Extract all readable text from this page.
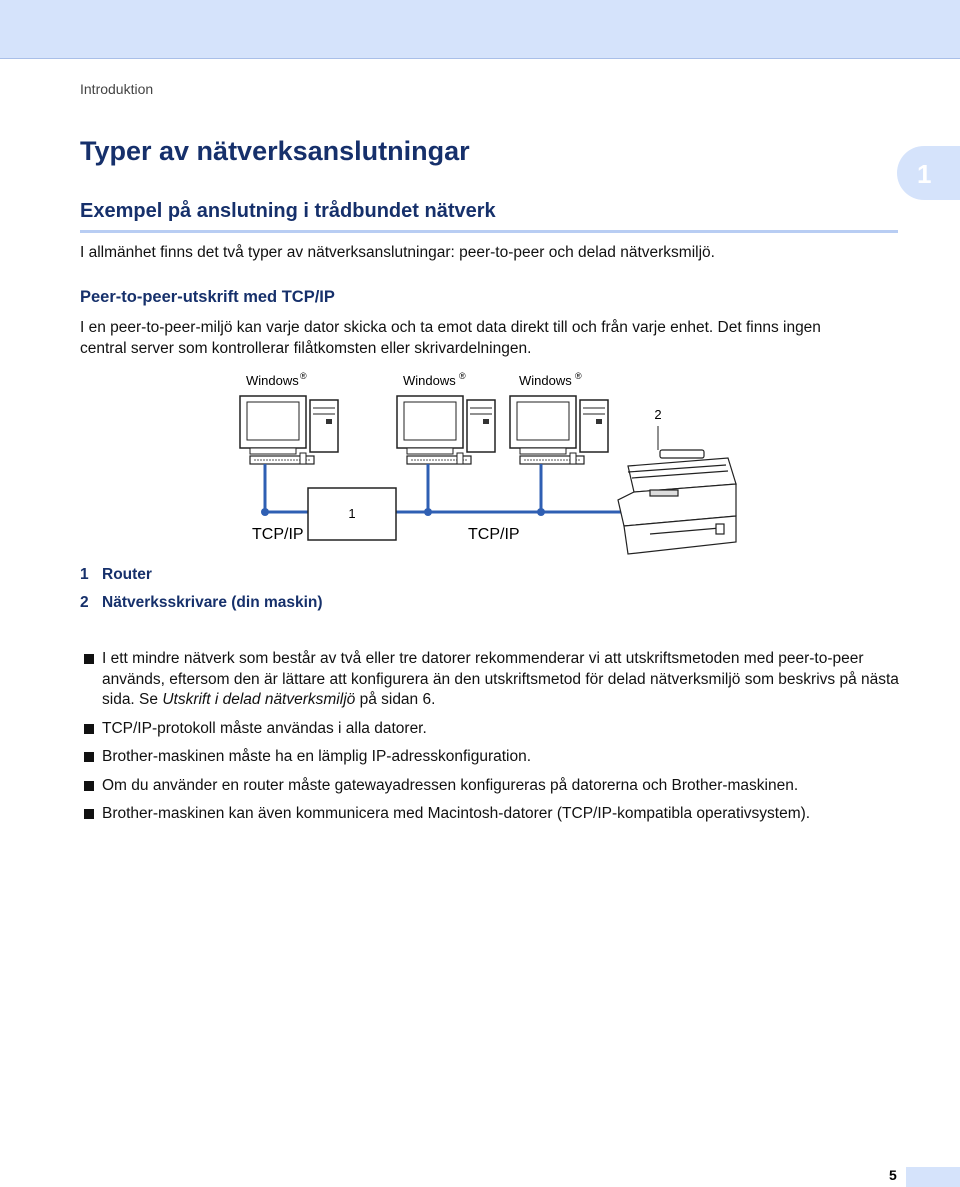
Introduktion
Typer av nätverksanslutningar
1
Exempel på anslutning i trådbundet nätverk

I allmänhet finns det två typer av nätverksanslutningar: peer-to-peer och delad nätverksmiljö.

Peer-to-peer-utskrift med TCP/IP

I en peer-to-peer-miljö kan varje dator skicka och ta emot data direkt till och från varje enhet. Det finns ingen

central server som kontrollerar filåtkomsten eller skrivardelningen.

Windows ®	Windows ®	Windows ®
1
TCP/IP	TCP/IP
2
1 Router
2 Nätverksskrivare (din maskin)
I ett mindre nätverk som består av två eller tre datorer rekommenderar vi att utskriftsmetoden med peer-to-peer används, eftersom den är lättare att konfigurera än den utskriftsmetod för delad nätverksmiljö som beskrivs på nästa sida. Se Utskrift i delad nätverksmiljö på sidan 6.
TCP/IP-protokoll måste användas i alla datorer.
Brother-maskinen måste ha en lämplig IP-adresskonfiguration.
Om du använder en router måste gatewayadressen konfigureras på datorerna och Brother-maskinen.
Brother-maskinen kan även kommunicera med Macintosh-datorer (TCP/IP-kompatibla operativsystem).
5
